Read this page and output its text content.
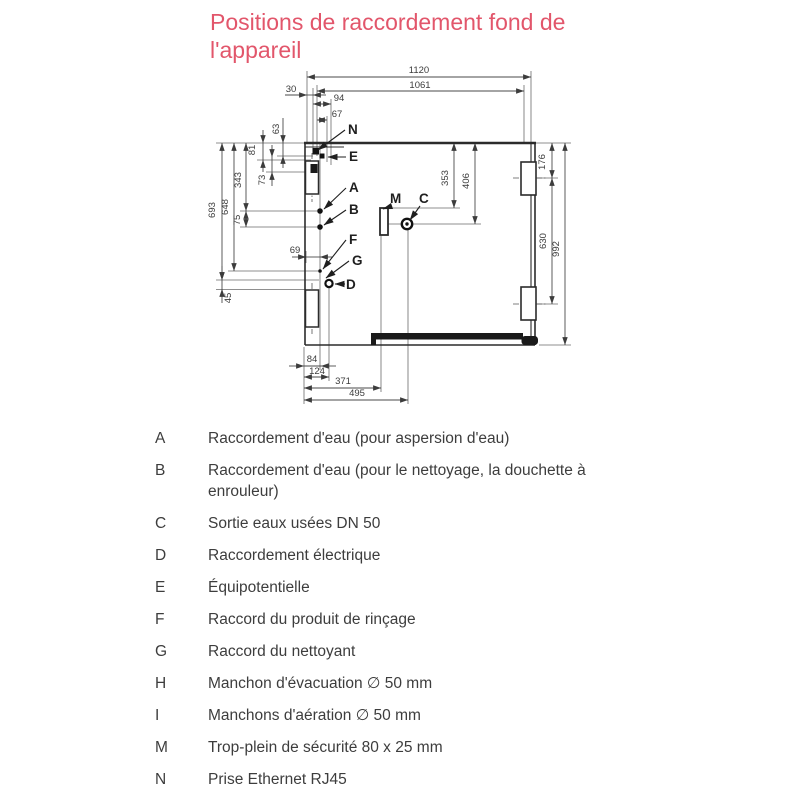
Positions de raccordement fond de l'appareil
1120
1061
30
94
67
63
81
73
343
75
648
693
45
69
84
124
371
495
176
630
992
353 406
N
E
A
B
F
G
D
M C
A	Raccordement d'eau (pour aspersion d'eau)
B	Raccordement d'eau (pour le nettoyage, la douchette à enrouleur)
C	Sortie eaux usées DN 50
D	Raccordement électrique
E	Équipotentielle
F	Raccord du produit de rinçage
G	Raccord du nettoyant
H	Manchon d'évacuation ∅ 50 mm
I	Manchons d'aération ∅ 50 mm
M	Trop-plein de sécurité 80 x 25 mm
N	Prise Ethernet RJ45
